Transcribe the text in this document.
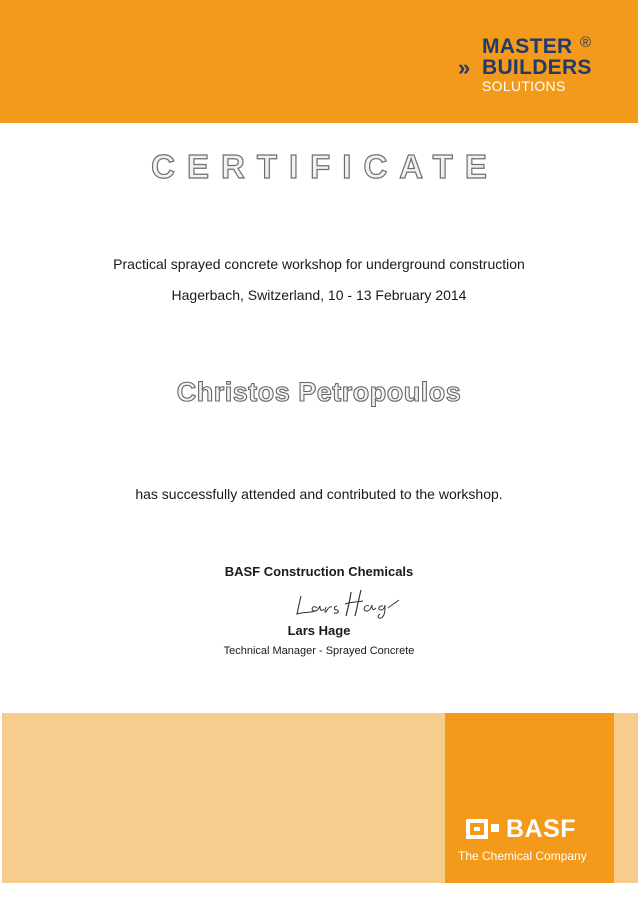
MASTER ®
» BUILDERS
SOLUTIONS
CERTIFICATE
Practical sprayed concrete workshop for underground construction
Hagerbach, Switzerland, 10 - 13 February 2014
Christos Petropoulos
has successfully attended and contributed to the workshop.
BASF Construction Chemicals
Lars Hage
Technical Manager - Sprayed Concrete
BASF
The Chemical Company
